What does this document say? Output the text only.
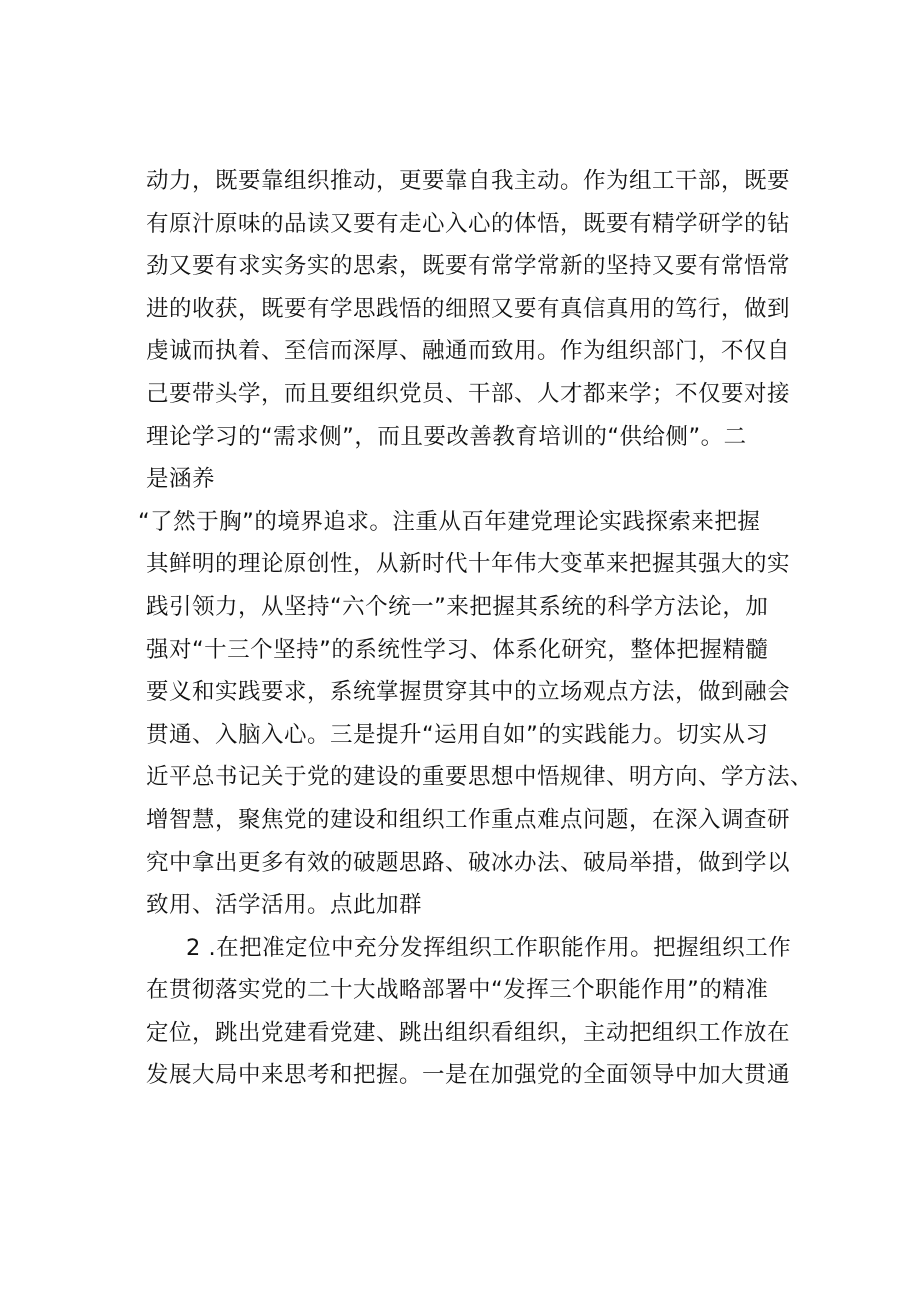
动力，既要靠组织推动，更要靠自我主动。作为组工干部，既要
有原汁原味的品读又要有走心入心的体悟，既要有精学研学的钻
劲又要有求实务实的思索，既要有常学常新的坚持又要有常悟常
进的收获，既要有学思践悟的细照又要有真信真用的笃行，做到
虔诚而执着、至信而深厚、融通而致用。作为组织部门，不仅自
己要带头学，而且要组织党员、干部、人才都来学；不仅要对接
理论学习的“需求侧”，而且要改善教育培训的“供给侧”。二
是涵养
“了然于胸”的境界追求。注重从百年建党理论实践探索来把握
其鲜明的理论原创性，从新时代十年伟大变革来把握其强大的实
践引领力，从坚持“六个统一”来把握其系统的科学方法论，加
强对“十三个坚持”的系统性学习、体系化研究，整体把握精髓
要义和实践要求，系统掌握贯穿其中的立场观点方法，做到融会
贯通、入脑入心。三是提升“运用自如”的实践能力。切实从习
近平总书记关于党的建设的重要思想中悟规律、明方向、学方法、
增智慧，聚焦党的建设和组织工作重点难点问题，在深入调查研
究中拿出更多有效的破题思路、破冰办法、破局举措，做到学以
致用、活学活用。点此加群
2 .在把准定位中充分发挥组织工作职能作用。把握组织工作
在贯彻落实党的二十大战略部署中“发挥三个职能作用”的精准
定位，跳出党建看党建、跳出组织看组织，主动把组织工作放在
发展大局中来思考和把握。一是在加强党的全面领导中加大贯通
